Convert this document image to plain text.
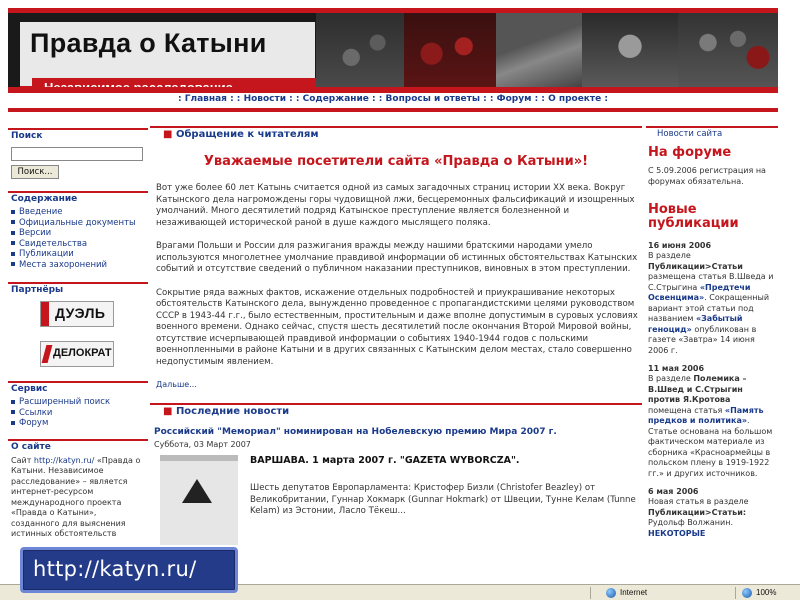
Правда о Катыни
: Главная : : Новости : : Содержание : : Вопросы и ответы : : Форум : : О проекте :
Поиск
Поиск...
Содержание
Введение
Официальные документы
Версии
Свидетельства
Публикации
Места захоронений
Партнёры
ДУЭЛЬ
ДЕЛОКРАТ
Сервис
Расширенный поиск
Ссылки
Форум
О сайте
Сайт http://katyn.ru/ «Правда о Катыни. Независимое расследование» – является интернет-ресурсом международного проекта «Правда о Катыни», созданного для выяснения истинных обстоятельств
■ Обращение к читателям
Уважаемые посетители сайта «Правда о Катыни»!

Вот уже более 60 лет Катынь считается одной из самых загадочных страниц истории XX века. Вокруг Катынского дела нагромождены горы чудовищной лжи, бесцеремонных фальсификаций и изощренных умолчаний. Много десятилетий подряд Катынское преступление является болезненной и незаживающей исторической раной в душе каждого мыслящего поляка.

Врагами Польши и России для разжигания вражды между нашими братскими народами умело используются многолетнее умолчание правдивой информации об истинных обстоятельствах Катынских событий и отсутствие сведений о публичном наказании преступников, виновных в этом преступлении.

Сокрытие ряда важных фактов, искажение отдельных подробностей и приукрашивание некоторых обстоятельств Катынского дела, вынужденно проведенное с пропагандистскими целями руководством СССР в 1943-44 г.г., было естественным, простительным и даже вполне допустимым в суровых условиях военного времени. Однако сейчас, спустя шесть десятилетий после окончания Второй Мировой войны, отсутствие исчерпывающей правдивой информации о событиях 1940-1944 годов с польскими военнопленными в районе Катыни и в других связанных с Катынским делом местах, стало совершенно недопустимым явлением.

Дальше...
■ Последние новости
Российский "Мемориал" номинирован на Нобелевскую премию Мира 2007 г.
Суббота, 03 Март 2007
ВАРШАВА. 1 марта 2007 г. "GAZETA WYBORCZA".
Шесть депутатов Европарламента: Кристофер Бизли (Christofer Beazley) от Великобритании, Гуннар Хокмарк (Gunnar Hokmark) от Швеции, Тунне Келам (Tunne Kelam) из Эстонии, Ласло Тёкеш...
Новости сайта
На форуме
С 5.09.2006 регистрация на форумах обязательна.
Новые публикации
16 июня 2006
В разделе Публикации>Статьи размещена статья В.Шведа и С.Стрыгина «Предтечи Освенцима». Сокращенный вариант этой статьи под названием «Забытый геноцид» опубликован в газете «Завтра» 14 июня 2006 г.
11 мая 2006
В разделе Полемика – В.Швед и С.Стрыгин против Я.Кротова помещена статья «Память предков и политика». Статье основана на большом фактическом материале из сборника «Красноармейцы в польском плену в 1919-1922 гг.» и других источников.
6 мая 2006
Новая статья в разделе Публикации>Статьи: Рудольф Волжанин. НЕКОТОРЫЕ
Internet	100%
http://katyn.ru/
